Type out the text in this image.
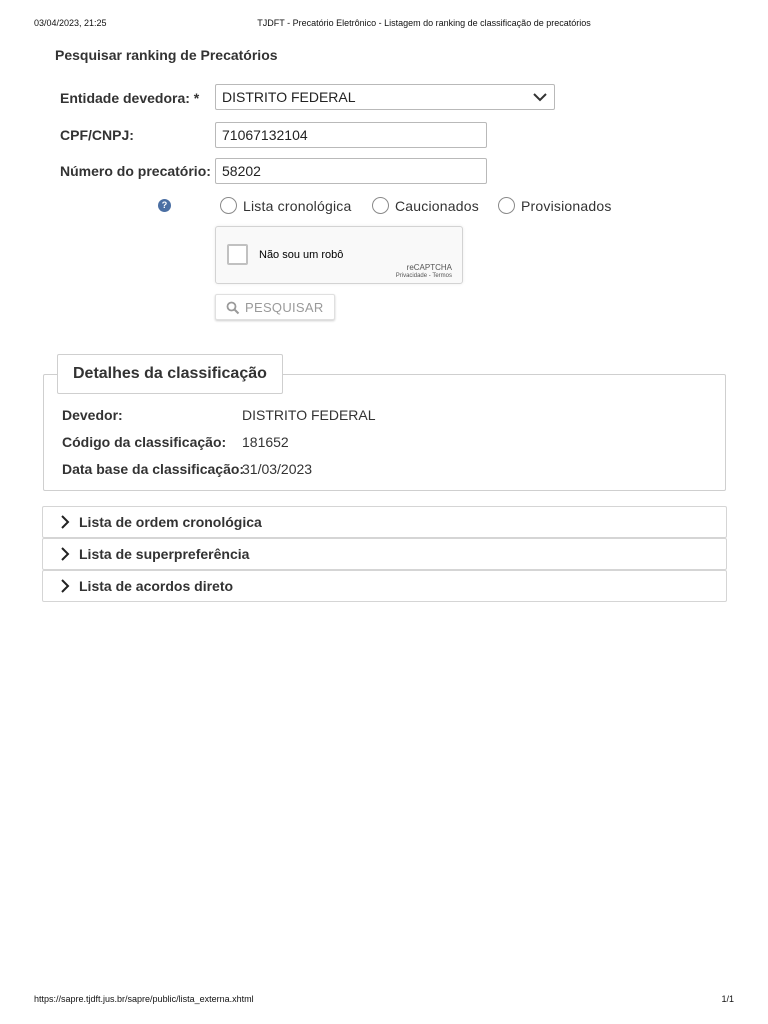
03/04/2023, 21:25	TJDFT - Precatório Eletrônico - Listagem do ranking de classificação de precatórios
Pesquisar ranking de Precatórios
Entidade devedora: *	DISTRITO FEDERAL
CPF/CNPJ:	71067132104
Número do precatório: 58202
?	Lista cronológica	Caucionados	Provisionados
Não sou um robô
reCAPTCHA
Privacidade - Termos
PESQUISAR
Detalhes da classificação
Devedor:	DISTRITO FEDERAL
Código da classificação: 181652
Data base da classificação:
31/03/2023
Lista de ordem cronológica
Lista de superpreferência
Lista de acordos direto
https://sapre.tjdft.jus.br/sapre/public/lista_externa.xhtml	1/1
